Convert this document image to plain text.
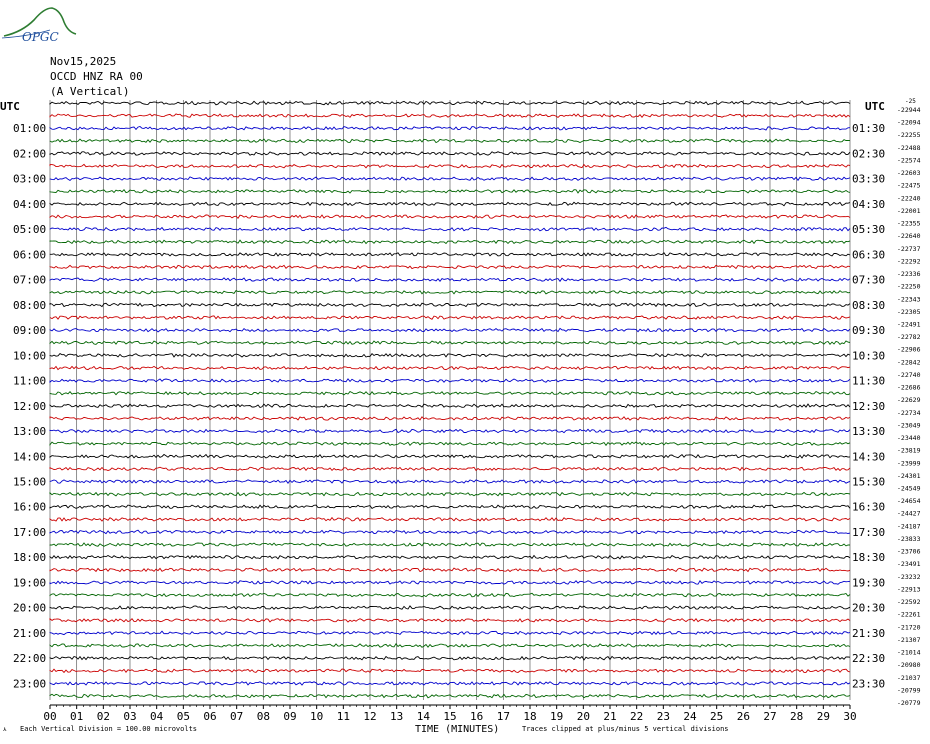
OPGC
Nov15,2025
OCCD HNZ RA 00
(A Vertical)
-22944
-22094
-22255
-22488
-22574
-22603
-22475
-22240
-22001
-22355
-22640
-22737
-22292
-22336
-22250
-22343
-22305
-22491
-22782
-22906
-22842
-22740
-22686
-22629
-22734
-23049
-23440
-23819
-23999
-24301
-24549
-24654
-24427
-24187
-23833
-23706
-23491
-23232
-22913
-22592
-22261
-21720
-21307
-21014
-20980
-21037
-20799
-20779
01:00
02:00
03:00
04:00
05:00
06:00
07:00
08:00
09:00
10:00
11:00
12:00
13:00
14:00
15:00
16:00
17:00
18:00
19:00
20:00
21:00
22:00
23:00
01:30
02:30
03:30
04:30
05:30
06:30
07:30
08:30
09:30
10:30
11:30
12:30
13:30
14:30
15:30
16:30
17:30
18:30
19:30
20:30
21:30
22:30
23:30
00 01 02 03 04 05 06 07 08 09 10 11 12 13 14 15 16 17 18 19 20 21 22 23 24 25 26 27 28 29 30
UTC	UTC	-25
TIME (MINUTES)
⋏ Each Vertical Division = 100.00 microvolts	Traces clipped at plus/minus 5 vertical divisions
